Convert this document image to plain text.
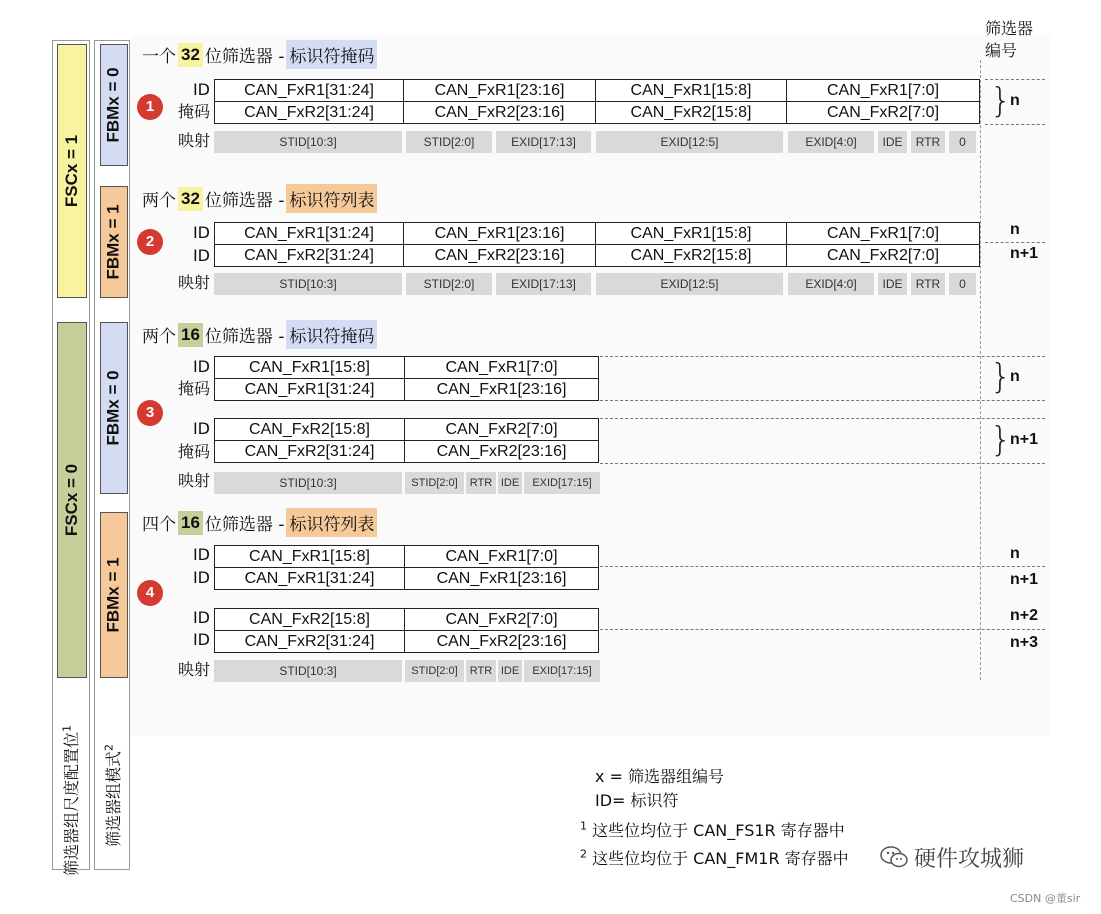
筛选器编号
FSCx = 1
FSCx = 0
筛选器组尺度配置位$^1$
FBMx = 0
FBMx = 1
FBMx = 0
FBMx = 1
筛选器组模式$^2$
一个 32 位筛选器 - 标识符掩码
1
ID
掩码
CAN_FxR1[31:24]	CAN_FxR1[23:16]	CAN_FxR1[15:8]	CAN_FxR1[7:0]
CAN_FxR2[31:24]	CAN_FxR2[23:16]	CAN_FxR2[15:8]	CAN_FxR2[7:0]
映射	STID[10:3]	STID[2:0]	EXID[17:13]	EXID[12:5]	EXID[4:0]	IDE	RTR	0
}
n
两个 32 位筛选器 - 标识符列表
2	ID
ID
CAN_FxR1[31:24]	CAN_FxR1[23:16]	CAN_FxR1[15:8]	CAN_FxR1[7:0]
CAN_FxR2[31:24]	CAN_FxR2[23:16]	CAN_FxR2[15:8]	CAN_FxR2[7:0]
映射	STID[10:3]	STID[2:0]	EXID[17:13]	EXID[12:5]	EXID[4:0]	IDE	RTR	0
n
n+1
两个 16 位筛选器 - 标识符掩码
3
ID
掩码
CAN_FxR1[15:8]	CAN_FxR1[7:0]
CAN_FxR1[31:24]	CAN_FxR1[23:16]
ID
掩码
CAN_FxR2[15:8]	CAN_FxR2[7:0]
CAN_FxR2[31:24]	CAN_FxR2[23:16]
映射	STID[10:3]	STID[2:0]	RTR IDE	EXID[17:15]
}
n
}
n+1
四个 16 位筛选器 - 标识符列表
4
ID
ID
CAN_FxR1[15:8]	CAN_FxR1[7:0]
CAN_FxR1[31:24]	CAN_FxR1[23:16]
ID
ID
CAN_FxR2[15:8]	CAN_FxR2[7:0]
CAN_FxR2[31:24]	CAN_FxR2[23:16]
映射	STID[10:3]	STID[2:0]	RTR IDE	EXID[17:15]
n
n+1
n+2
n+3
x = 筛选器组编号
ID= 标识符
$^1$ 这些位均位于 CAN_FS1R 寄存器中
$^2$ 这些位均位于 CAN_FM1R 寄存器中	硬件攻城狮
CSDN @董sir
